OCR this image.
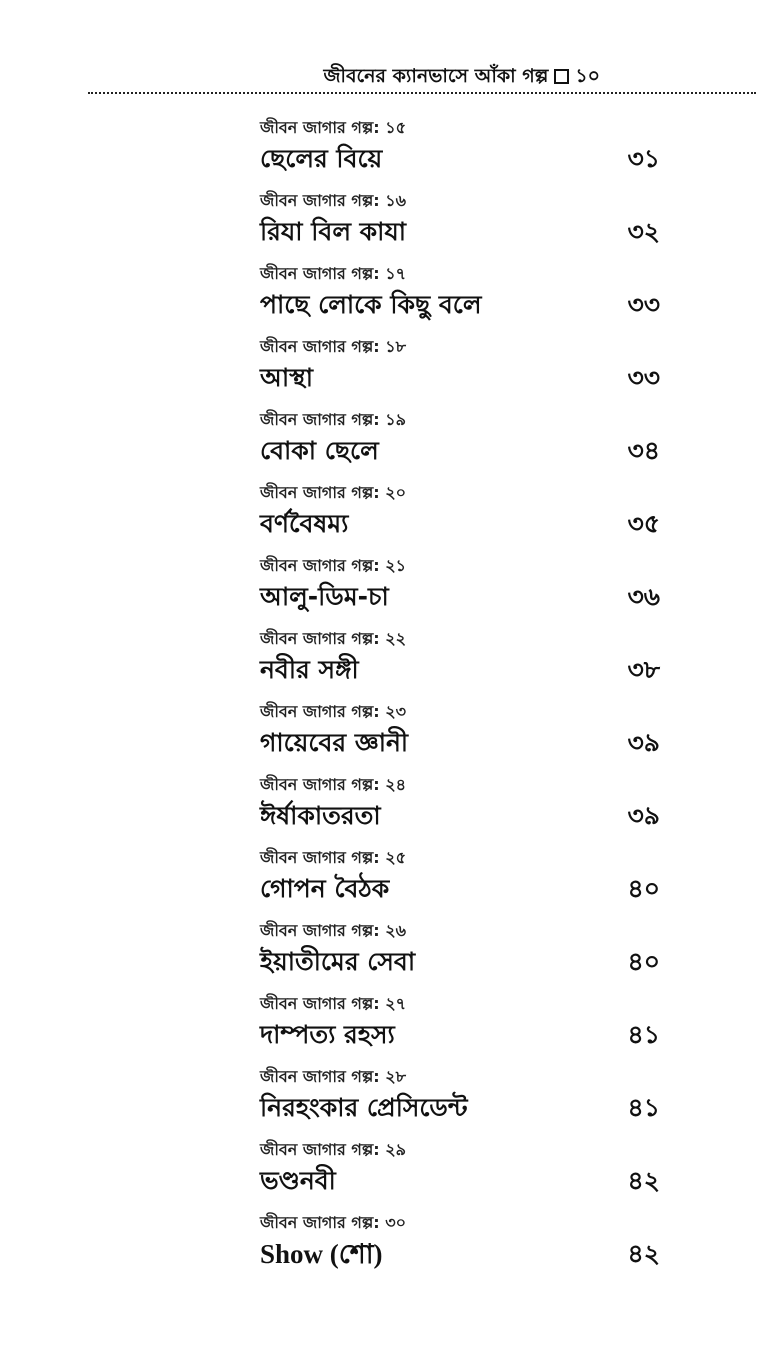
জীবনের ক্যানভাসে আঁকা গল্প ১০
জীবন জাগার গল্প: ১৫
ছেলের বিয়ে	৩১
জীবন জাগার গল্প: ১৬
রিযা বিল কাযা	৩২
জীবন জাগার গল্প: ১৭
পাছে লোকে কিছু বলে	৩৩
জীবন জাগার গল্প: ১৮
আস্থা	৩৩
জীবন জাগার গল্প: ১৯
বোকা ছেলে	৩৪
জীবন জাগার গল্প: ২০
বর্ণবৈষম্য	৩৫
জীবন জাগার গল্প: ২১
আলু-ডিম-চা	৩৬
জীবন জাগার গল্প: ২২
নবীর সঙ্গী	৩৮
জীবন জাগার গল্প: ২৩
গায়েবের জ্ঞানী	৩৯
জীবন জাগার গল্প: ২৪
ঈর্ষাকাতরতা	৩৯
জীবন জাগার গল্প: ২৫
গোপন বৈঠক	৪০
জীবন জাগার গল্প: ২৬
ইয়াতীমের সেবা	৪০
জীবন জাগার গল্প: ২৭
দাম্পত্য রহস্য	৪১
জীবন জাগার গল্প: ২৮
নিরহংকার প্রেসিডেন্ট	৪১
জীবন জাগার গল্প: ২৯
ভণ্ডনবী	৪২
জীবন জাগার গল্প: ৩০
Show (শো)	৪২
